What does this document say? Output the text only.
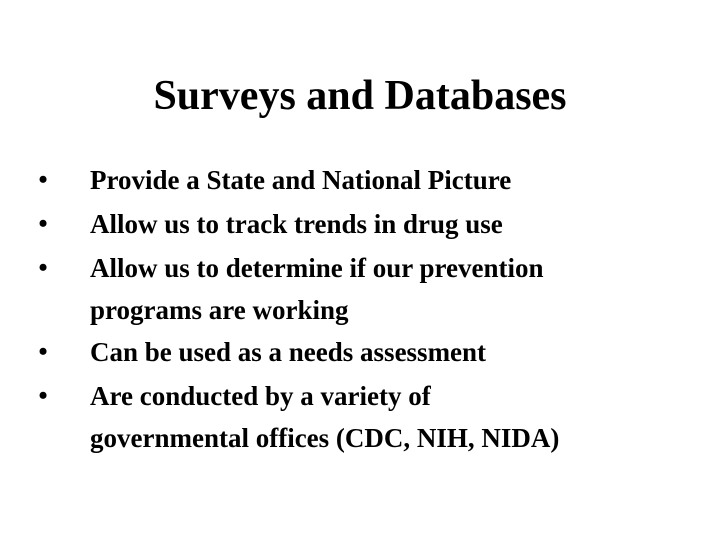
Surveys and Databases
•	Provide a State and National Picture
•	Allow us to track trends in drug use
•	Allow us to determine if our prevention
programs are working
•	Can be used as a needs assessment
•	Are conducted by a variety of
governmental offices (CDC, NIH, NIDA)
